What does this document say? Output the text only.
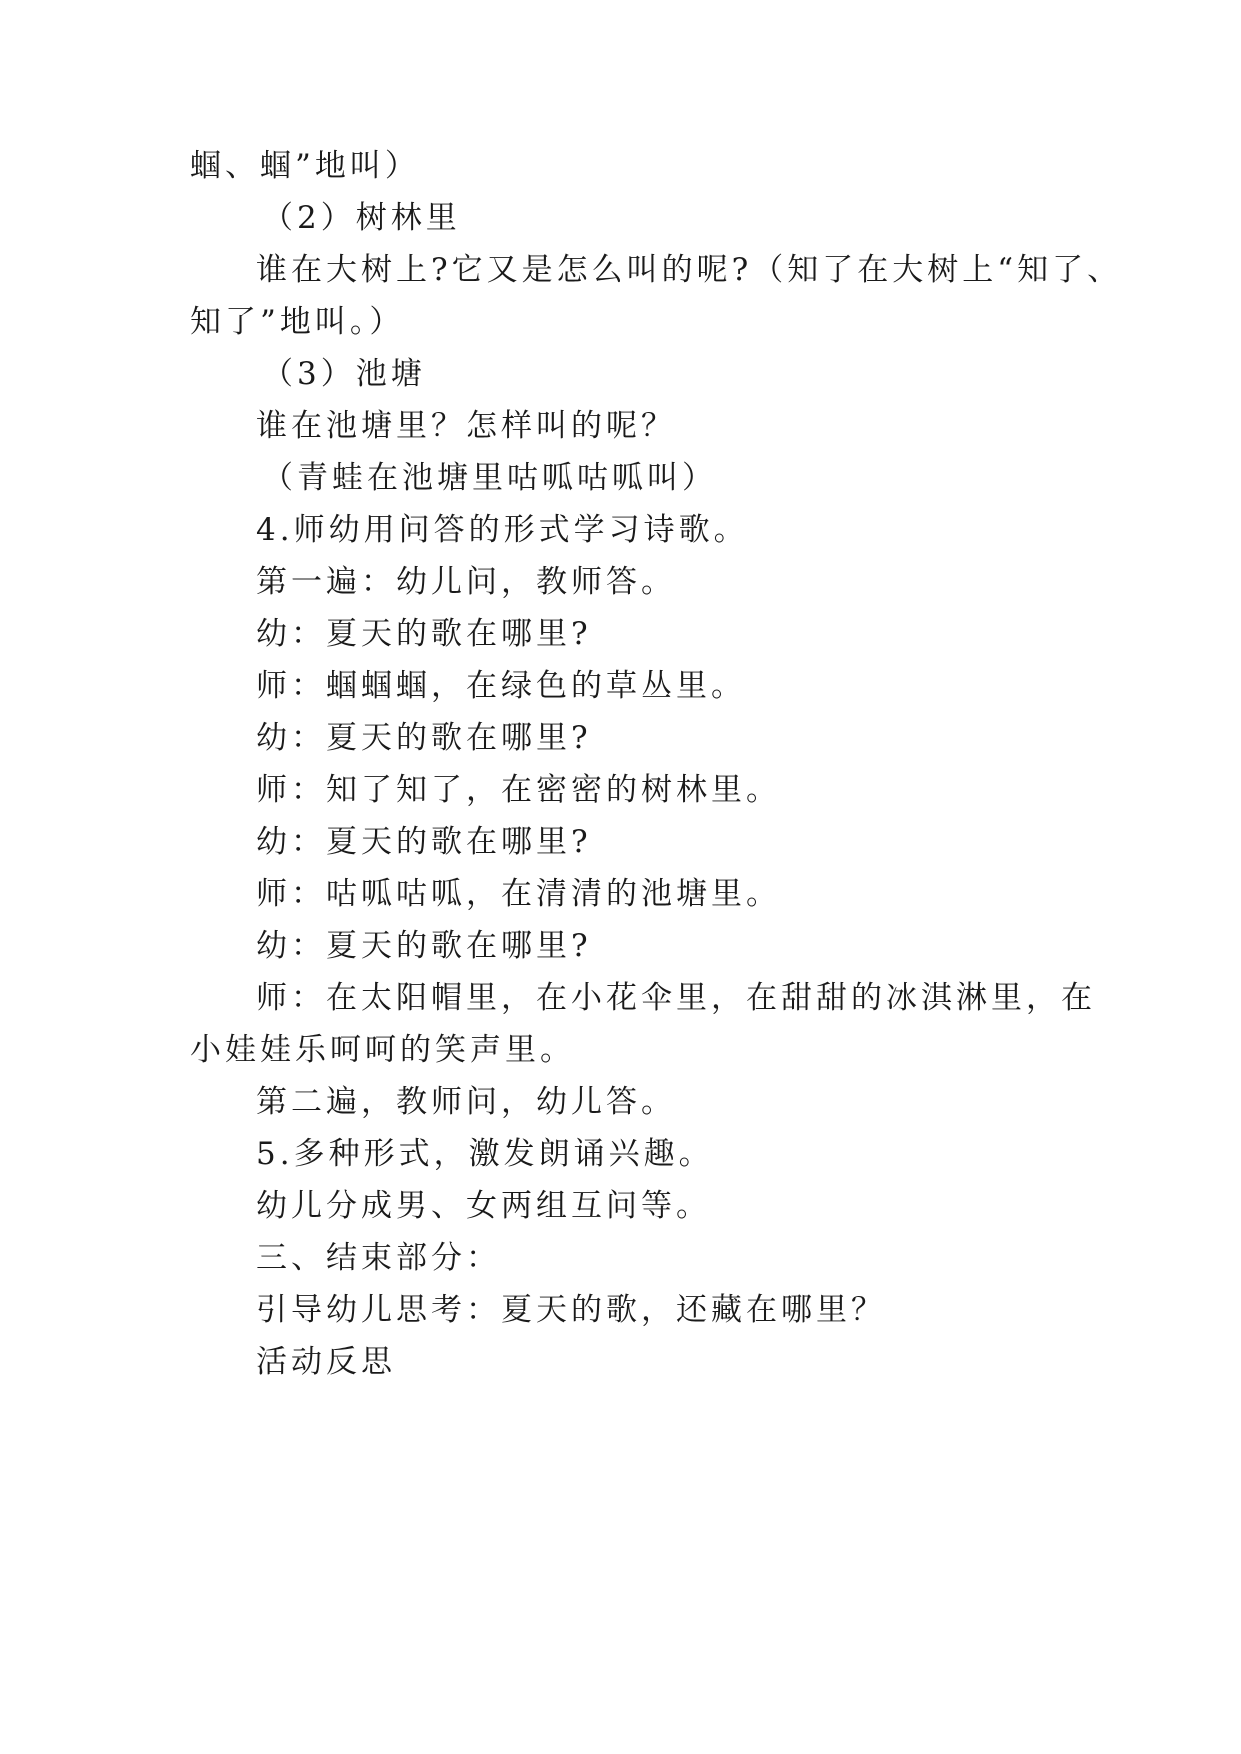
蝈、蝈”地叫）
（2）树林里
谁在大树上?它又是怎么叫的呢?（知了在大树上“知了、
知了”地叫。）
（3）池塘
谁在池塘里？怎样叫的呢？
（青蛙在池塘里咕呱咕呱叫）
4.师幼用问答的形式学习诗歌。
第一遍：幼儿问，教师答。
幼：夏天的歌在哪里?
师：蝈蝈蝈，在绿色的草丛里。
幼：夏天的歌在哪里?
师：知了知了，在密密的树林里。
幼：夏天的歌在哪里?
师：咕呱咕呱，在清清的池塘里。
幼：夏天的歌在哪里?
师：在太阳帽里，在小花伞里，在甜甜的冰淇淋里，在
小娃娃乐呵呵的笑声里。
第二遍，教师问，幼儿答。
5.多种形式，激发朗诵兴趣。
幼儿分成男、女两组互问等。
三、结束部分：
引导幼儿思考：夏天的歌，还藏在哪里？
活动反思
